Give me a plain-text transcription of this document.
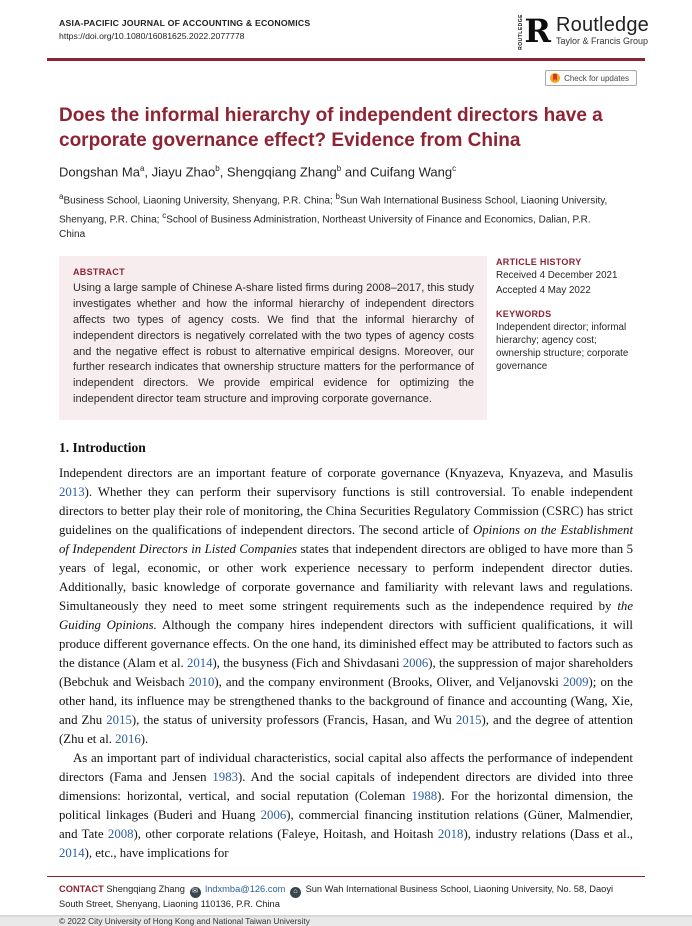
ASIA-PACIFIC JOURNAL OF ACCOUNTING & ECONOMICS
https://doi.org/10.1080/16081625.2022.2077778	ROUTLEDGE R Routledge
Taylor & Francis Group
Check for updates
Does the informal hierarchy of independent directors have a corporate governance effect? Evidence from China
Dongshan Ma$^a$, Jiayu Zhao$^b$, Shengqiang Zhang$^b$ and Cuifang Wang$^c$
$^a$Business School, Liaoning University, Shenyang, P.R. China; $^b$Sun Wah International Business School, Liaoning University, Shenyang, P.R. China; $^c$School of Business Administration, Northeast University of Finance and Economics, Dalian, P.R. China
ABSTRACT
Using a large sample of Chinese A-share listed firms during 2008–2017, this study investigates whether and how the informal hierarchy of independent directors affects two types of agency costs. We find that the informal hierarchy of independent directors is negatively correlated with the two types of agency costs and the negative effect is robust to alternative empirical designs. Moreover, our further research indicates that ownership structure matters for the performance of independent directors. We provide empirical evidence for optimizing the independent director team structure and improving corporate governance.
ARTICLE HISTORY
Received 4 December 2021
Accepted 4 May 2022
KEYWORDS
Independent director; informal hierarchy; agency cost; ownership structure; corporate governance
1. Introduction

Independent directors are an important feature of corporate governance (Knyazeva, Knyazeva, and Masulis 2013). Whether they can perform their supervisory functions is still controversial. To enable independent directors to better play their role of monitoring, the China Securities Regulatory Commission (CSRC) has strict guidelines on the qualifications of independent directors. The second article of Opinions on the Establishment of Independent Directors in Listed Companies states that independent directors are obliged to have more than 5 years of legal, economic, or other work experience necessary to perform independent director duties. Additionally, basic knowledge of corporate governance and familiarity with relevant laws and regulations. Simultaneously they need to meet some stringent requirements such as the independence required by the Guiding Opinions. Although the company hires independent directors with sufficient qualifications, it will produce different governance effects. On the one hand, its diminished effect may be attributed to factors such as the distance (Alam et al. 2014), the busyness (Fich and Shivdasani 2006), the suppression of major shareholders (Bebchuk and Weisbach 2010), and the company environment (Brooks, Oliver, and Veljanovski 2009); on the other hand, its influence may be strengthened thanks to the background of finance and accounting (Wang, Xie, and Zhu 2015), the status of university professors (Francis, Hasan, and Wu 2015), and the degree of attention (Zhu et al. 2016).

As an important part of individual characteristics, social capital also affects the performance of independent directors (Fama and Jensen 1983). And the social capitals of independent directors are divided into three dimensions: horizontal, vertical, and social reputation (Coleman 1988). For the horizontal dimension, the political linkages (Buderi and Huang 2006), commercial financing institution relations (Güner, Malmendier, and Tate 2008), other corporate relations (Faleye, Hoitash, and Hoitash 2018), industry relations (Dass et al., 2014), etc., have implications for

CONTACT Shengqiang Zhang ✉ lndxmba@126.com ⌂ Sun Wah International Business School, Liaoning University, No. 58, Daoyi South Street, Shenyang, Liaoning 110136, P.R. China

© 2022 City University of Hong Kong and National Taiwan University
